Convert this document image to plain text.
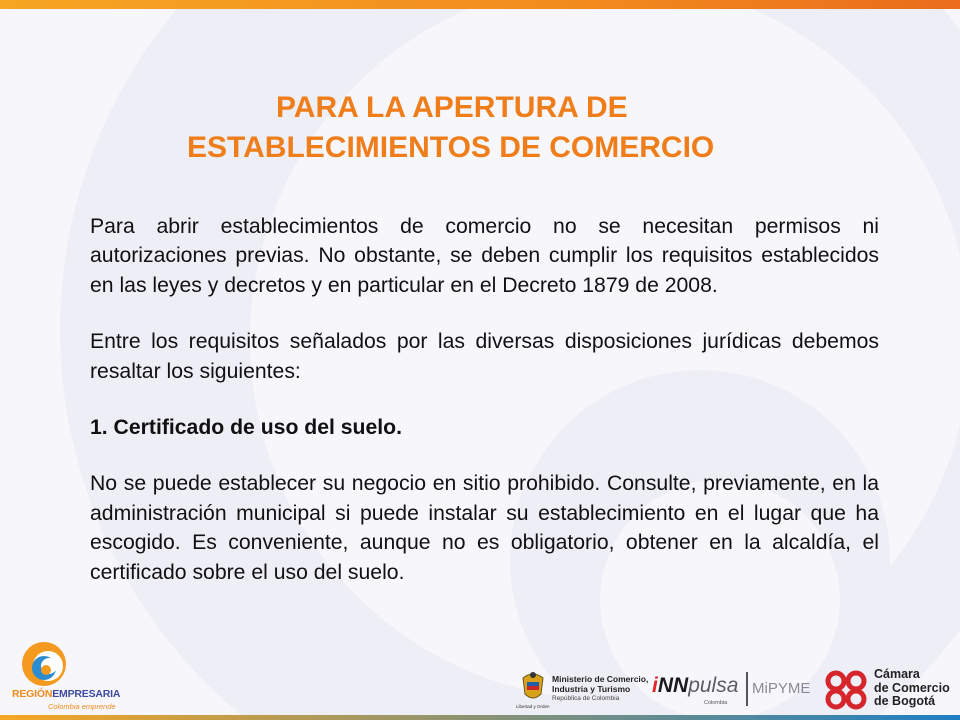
PARA LA APERTURA DE
ESTABLECIMIENTOS DE COMERCIO

Para abrir establecimientos de comercio no se necesitan permisos ni autorizaciones previas. No obstante, se deben cumplir los requisitos establecidos en las leyes y decretos y en particular en el Decreto 1879 de 2008.

Entre los requisitos señalados por las diversas disposiciones jurídicas debemos resaltar los siguientes:

1. Certificado de uso del suelo.

No se puede establecer su negocio en sitio prohibido. Consulte, previamente, en la administración municipal si puede instalar su establecimiento en el lugar que ha escogido. Es conveniente, aunque no es obligatorio, obtener en la alcaldía, el certificado sobre el uso del suelo.

REGIÓNEMPRESARIA
Colombia emprende
Ministerio de Comercio,
Industria y Turismo
República de Colombia
Libertad y Orden
iNNpulsa
Colombia
MiPYME
Cámara
de Comercio
de Bogotá
